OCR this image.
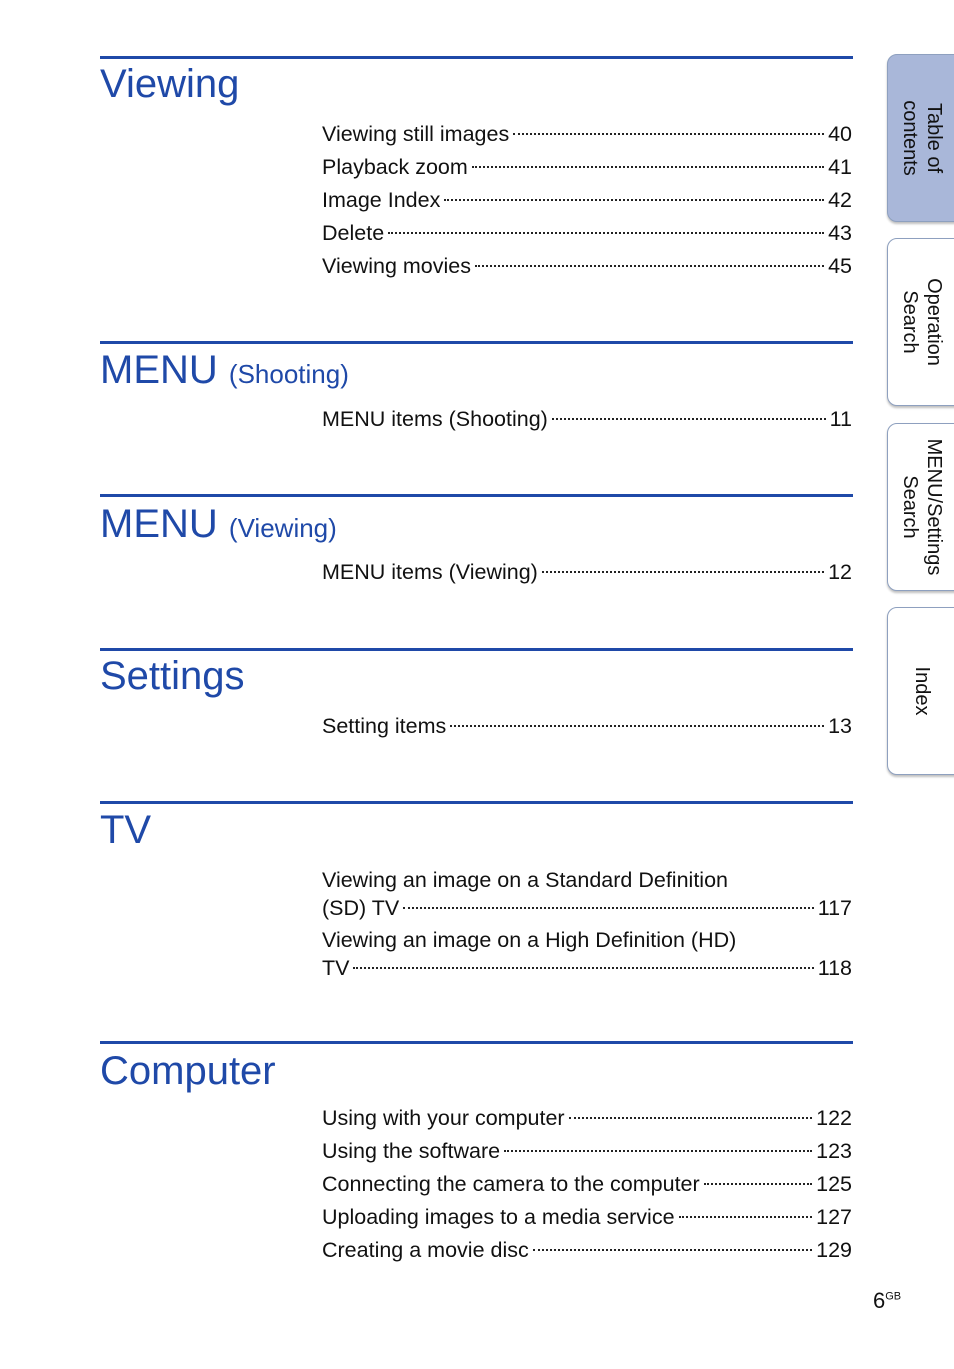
Viewing
Viewing still images	40
Playback zoom	41
Image Index	42
Delete	43
Viewing movies	45
MENU (Shooting)
MENU items (Shooting)	11
MENU (Viewing)
MENU items (Viewing)	12
Settings
Setting items	13
TV
Viewing an image on a Standard Definition
(SD) TV	117
Viewing an image on a High Definition (HD)
TV	118
Computer
Using with your computer	122
Using the software	123
Connecting the camera to the computer	125
Uploading images to a media service	127
Creating a movie disc	129
Table of
contents
Operation
Search
MENU/Settings
Search
Index
$6^{GB}$
